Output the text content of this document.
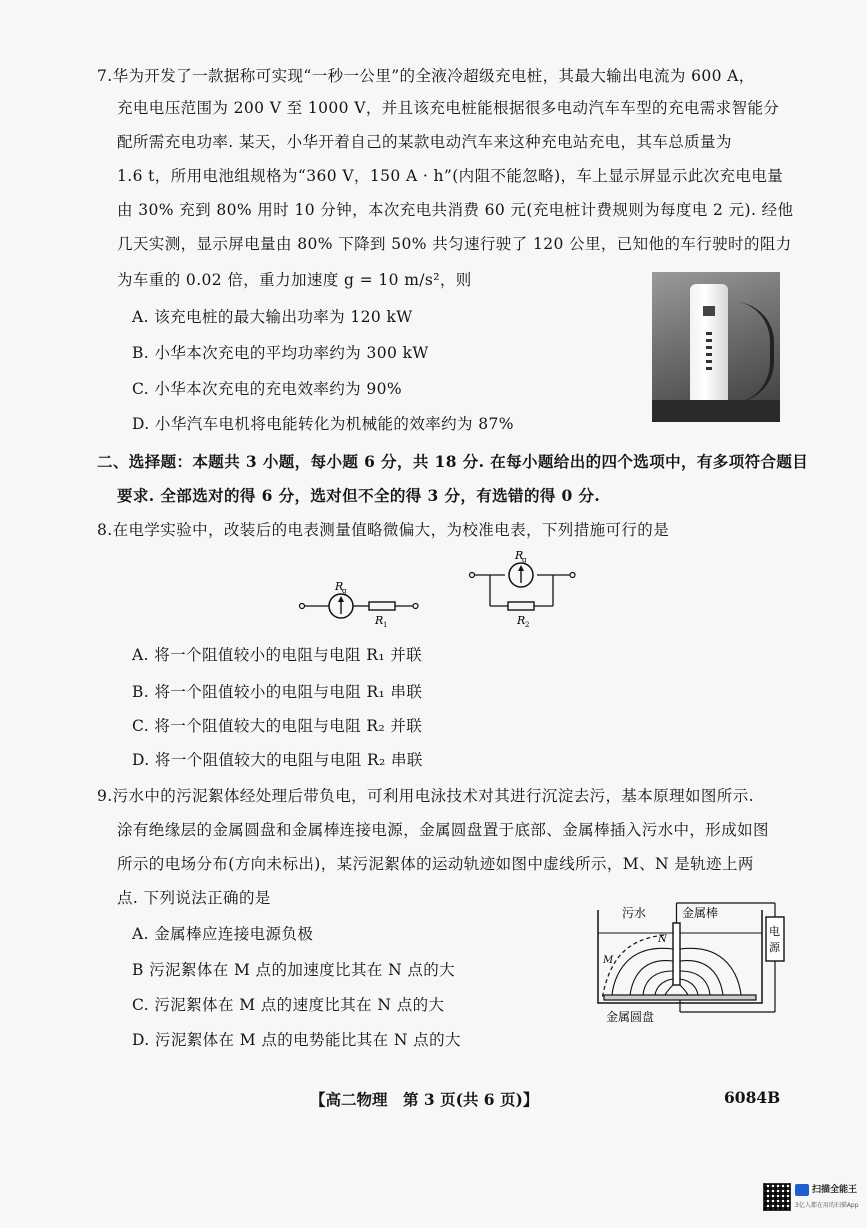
7.华为开发了一款据称可实现“一秒一公里”的全液冷超级充电桩，其最大输出电流为 600 A，
充电电压范围为 200 V 至 1000 V，并且该充电桩能根据很多电动汽车车型的充电需求智能分
配所需充电功率. 某天，小华开着自己的某款电动汽车来这种充电站充电，其车总质量为
1.6 t，所用电池组规格为“360 V，150 A · h”(内阻不能忽略)，车上显示屏显示此次充电电量
由 30% 充到 80% 用时 10 分钟，本次充电共消费 60 元(充电桩计费规则为每度电 2 元). 经他
几天实测，显示屏电量由 80% 下降到 50% 共匀速行驶了 120 公里，已知他的车行驶时的阻力
为车重的 0.02 倍，重力加速度 g = 10 m/s²，则
A. 该充电桩的最大输出功率为 120 kW
B. 小华本次充电的平均功率约为 300 kW
C. 小华本次充电的充电效率约为 90%
D. 小华汽车电机将电能转化为机械能的效率约为 87%
二、选择题：本题共 3 小题，每小题 6 分，共 18 分. 在每小题给出的四个选项中，有多项符合题目
要求. 全部选对的得 6 分，选对但不全的得 3 分，有选错的得 0 分.
8.在电学实验中，改装后的电表测量值略微偏大，为校准电表，下列措施可行的是
R
g
R 1
R
g
R 2
A. 将一个阻值较小的电阻与电阻 R₁ 并联
B. 将一个阻值较小的电阻与电阻 R₁ 串联
C. 将一个阻值较大的电阻与电阻 R₂ 并联
D. 将一个阻值较大的电阻与电阻 R₂ 串联
9.污水中的污泥絮体经处理后带负电，可利用电泳技术对其进行沉淀去污，基本原理如图所示.
涂有绝缘层的金属圆盘和金属棒连接电源，金属圆盘置于底部、金属棒插入污水中，形成如图
所示的电场分布(方向未标出)，某污泥絮体的运动轨迹如图中虚线所示，M、N 是轨迹上两
点. 下列说法正确的是
A. 金属棒应连接电源负极
B 污泥絮体在 M 点的加速度比其在 N 点的大
C. 污泥絮体在 M 点的速度比其在 N 点的大
D. 污泥絮体在 M 点的电势能比其在 N 点的大
污水	金属棒
N
M
电源
金属圆盘
【高二物理　第 3 页(共 6 页)】	6084B
扫描全能王
3亿人都在用的扫描App
